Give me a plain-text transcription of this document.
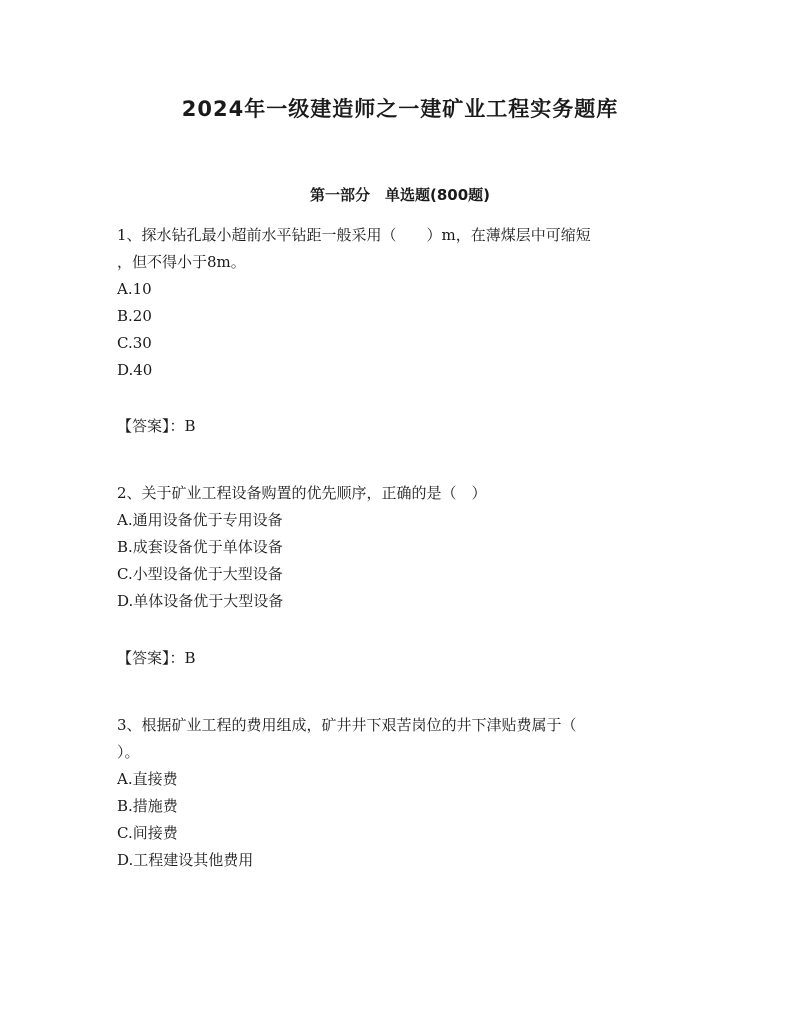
2024年一级建造师之一建矿业工程实务题库
第一部分　单选题(800题)
1、探水钻孔最小超前水平钻距一般采用（　　）m，在薄煤层中可缩短
，但不得小于8m。
A.10
B.20
C.30
D.40
【答案】：B
2、关于矿业工程设备购置的优先顺序，正确的是（　）
A.通用设备优于专用设备
B.成套设备优于单体设备
C.小型设备优于大型设备
D.单体设备优于大型设备
【答案】：B
3、根据矿业工程的费用组成，矿井井下艰苦岗位的井下津贴费属于（
）。
A.直接费
B.措施费
C.间接费
D.工程建设其他费用
